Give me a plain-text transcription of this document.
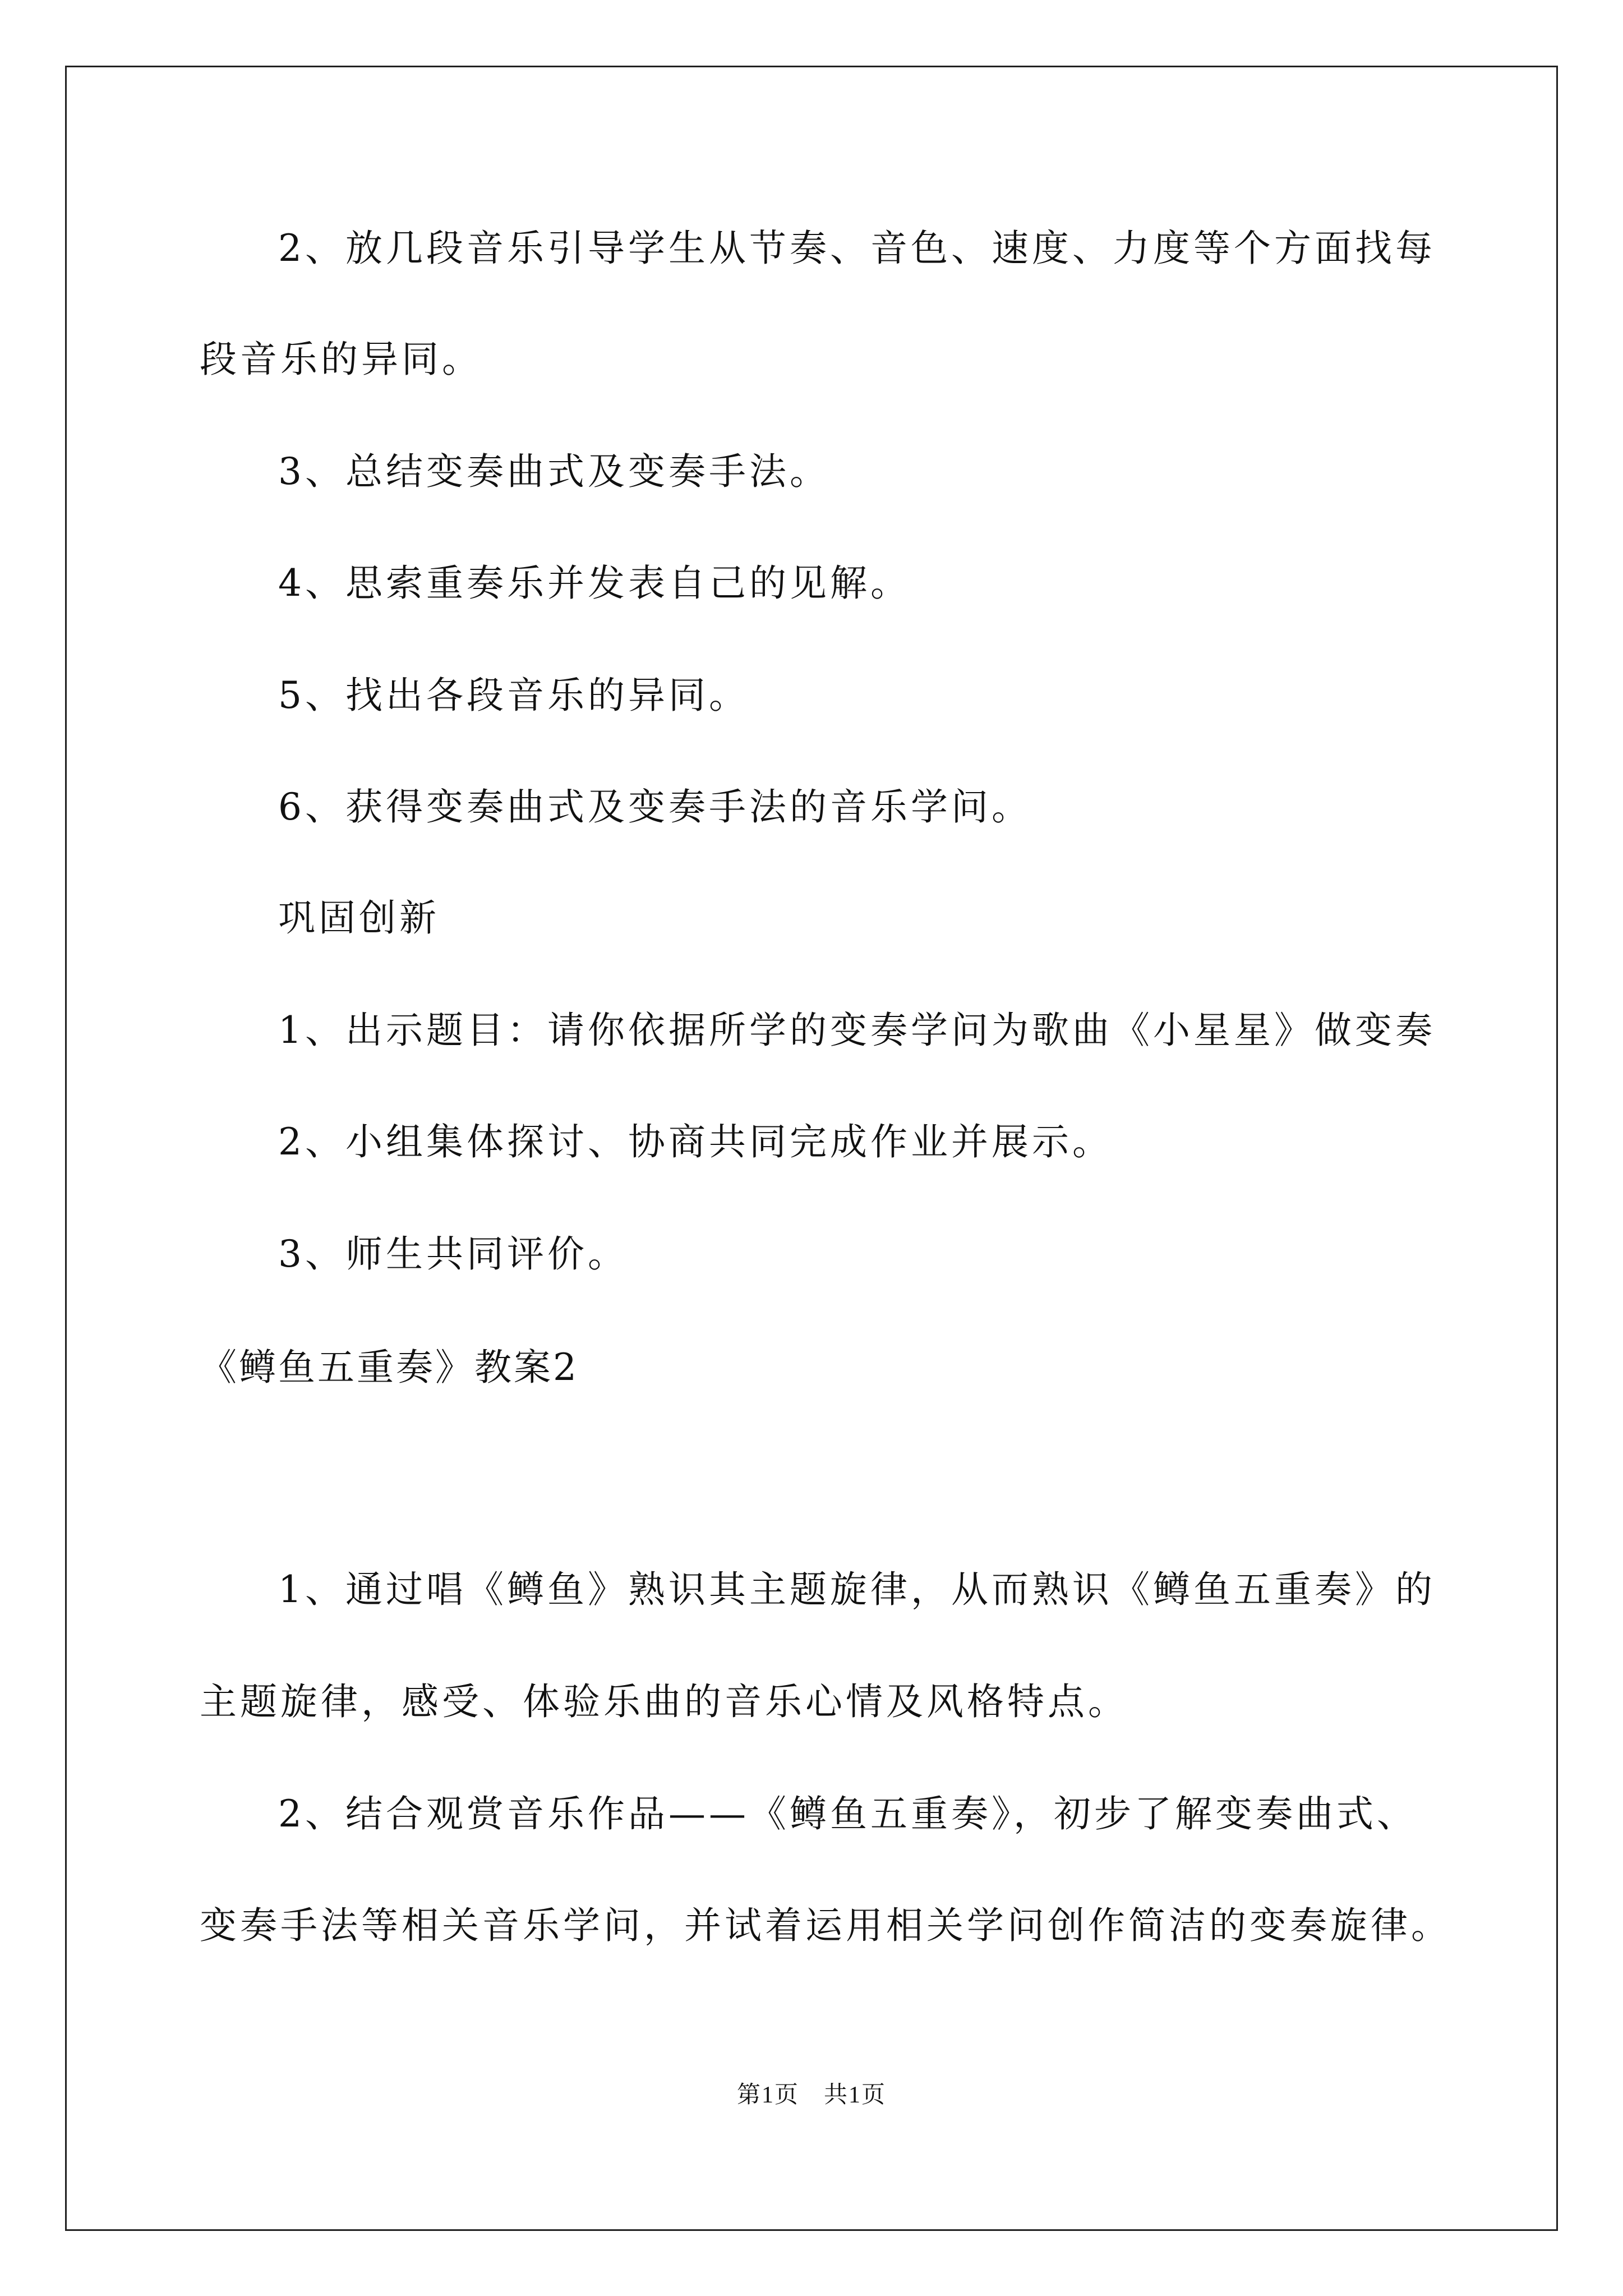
2、放几段音乐引导学生从节奏、音色、速度、力度等个方面找每

段音乐的异同。

3、总结变奏曲式及变奏手法。

4、思索重奏乐并发表自己的见解。

5、找出各段音乐的异同。

6、获得变奏曲式及变奏手法的音乐学问。

巩固创新

1、出示题目：请你依据所学的变奏学问为歌曲《小星星》做变奏

2、小组集体探讨、协商共同完成作业并展示。

3、师生共同评价。

《鳟鱼五重奏》教案2

1、通过唱《鳟鱼》熟识其主题旋律，从而熟识《鳟鱼五重奏》的

主题旋律，感受、体验乐曲的音乐心情及风格特点。

2、结合观赏音乐作品——《鳟鱼五重奏》，初步了解变奏曲式、

变奏手法等相关音乐学问，并试着运用相关学问创作简洁的变奏旋律。

第1页　共1页
